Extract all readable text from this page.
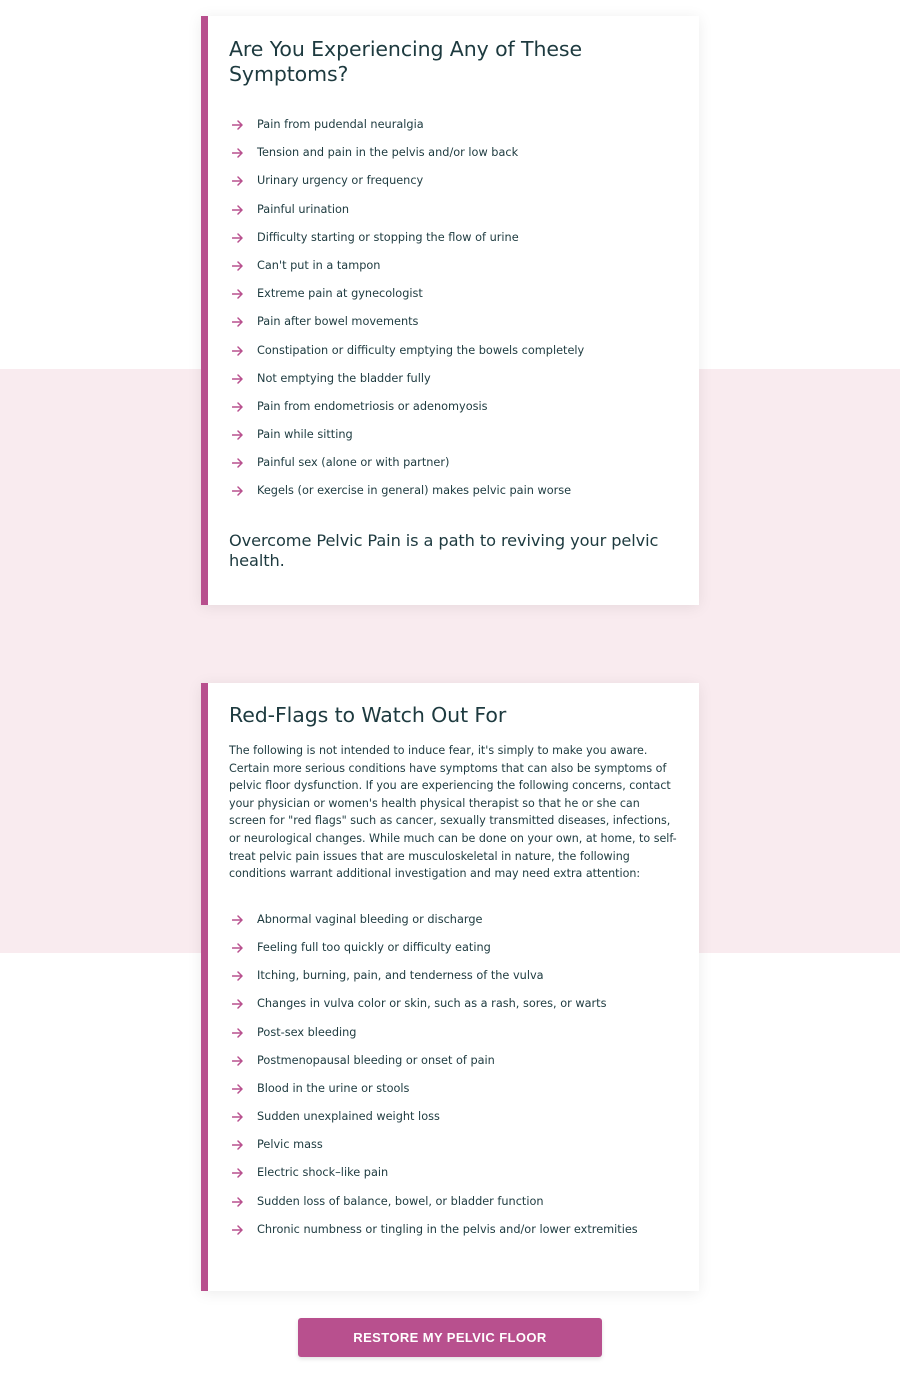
Are You Experiencing Any of These Symptoms?
Pain from pudendal neuralgia
Tension and pain in the pelvis and/or low back
Urinary urgency or frequency
Painful urination
Difficulty starting or stopping the flow of urine
Can't put in a tampon
Extreme pain at gynecologist
Pain after bowel movements
Constipation or difficulty emptying the bowels completely
Not emptying the bladder fully
Pain from endometriosis or adenomyosis
Pain while sitting
Painful sex (alone or with partner)
Kegels (or exercise in general) makes pelvic pain worse

Overcome Pelvic Pain is a path to reviving your pelvic health.

Red-Flags to Watch Out For

The following is not intended to induce fear, it's simply to make you aware. Certain more serious conditions have symptoms that can also be symptoms of pelvic floor dysfunction. If you are experiencing the following concerns, contact your physician or women's health physical therapist so that he or she can screen for "red flags" such as cancer, sexually transmitted diseases, infections, or neurological changes. While much can be done on your own, at home, to self-treat pelvic pain issues that are musculoskeletal in nature, the following conditions warrant additional investigation and may need extra attention:

Abnormal vaginal bleeding or discharge
Feeling full too quickly or difficulty eating
Itching, burning, pain, and tenderness of the vulva
Changes in vulva color or skin, such as a rash, sores, or warts
Post-sex bleeding
Postmenopausal bleeding or onset of pain
Blood in the urine or stools
Sudden unexplained weight loss
Pelvic mass
Electric shock–like pain
Sudden loss of balance, bowel, or bladder function
Chronic numbness or tingling in the pelvis and/or lower extremities
RESTORE MY PELVIC FLOOR
